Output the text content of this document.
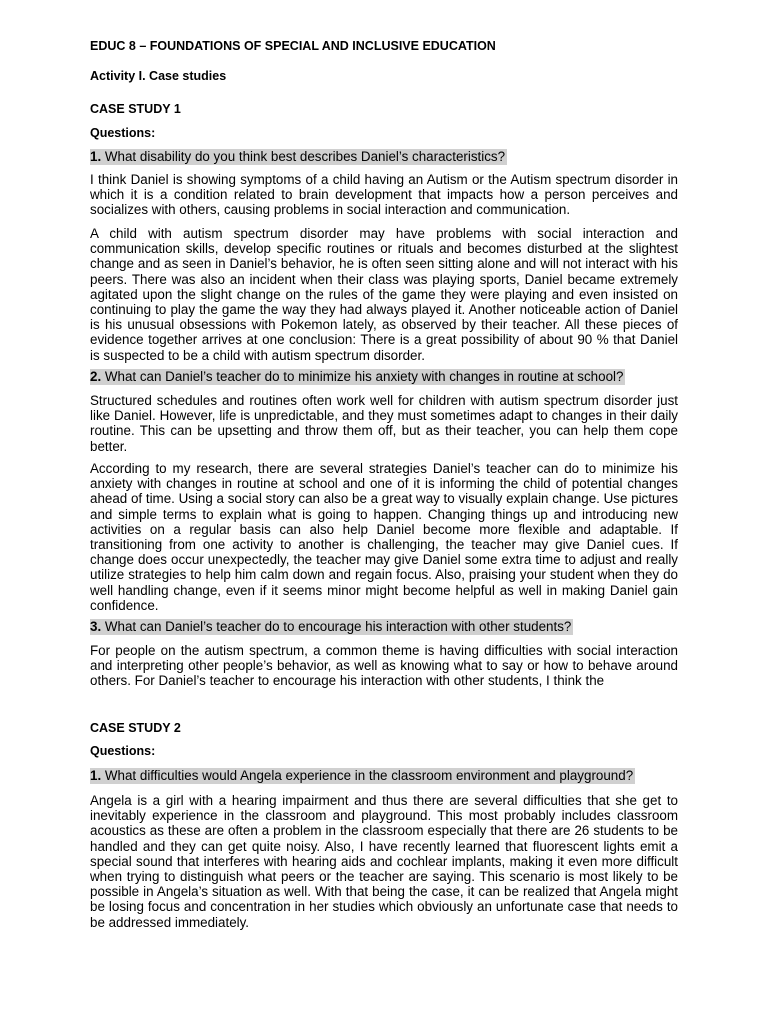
EDUC 8 – FOUNDATIONS OF SPECIAL AND INCLUSIVE EDUCATION
Activity I. Case studies
CASE STUDY 1
Questions:
1. What disability do you think best describes Daniel’s characteristics?

I think Daniel is showing symptoms of a child having an Autism or the Autism spectrum disorder in which it is a condition related to brain development that impacts how a person perceives and socializes with others, causing problems in social interaction and communication.

A child with autism spectrum disorder may have problems with social interaction and communication skills, develop specific routines or rituals and becomes disturbed at the slightest change and as seen in Daniel’s behavior, he is often seen sitting alone and will not interact with his peers. There was also an incident when their class was playing sports, Daniel became extremely agitated upon the slight change on the rules of the game they were playing and even insisted on continuing to play the game the way they had always played it. Another noticeable action of Daniel is his unusual obsessions with Pokemon lately, as observed by their teacher. All these pieces of evidence together arrives at one conclusion: There is a great possibility of about 90 % that Daniel is suspected to be a child with autism spectrum disorder.

2. What can Daniel’s teacher do to minimize his anxiety with changes in routine at school?

Structured schedules and routines often work well for children with autism spectrum disorder just like Daniel. However, life is unpredictable, and they must sometimes adapt to changes in their daily routine. This can be upsetting and throw them off, but as their teacher, you can help them cope better.

According to my research, there are several strategies Daniel’s teacher can do to minimize his anxiety with changes in routine at school and one of it is informing the child of potential changes ahead of time. Using a social story can also be a great way to visually explain change. Use pictures and simple terms to explain what is going to happen. Changing things up and introducing new activities on a regular basis can also help Daniel become more flexible and adaptable. If transitioning from one activity to another is challenging, the teacher may give Daniel cues. If change does occur unexpectedly, the teacher may give Daniel some extra time to adjust and really utilize strategies to help him calm down and regain focus. Also, praising your student when they do well handling change, even if it seems minor might become helpful as well in making Daniel gain confidence.

3. What can Daniel’s teacher do to encourage his interaction with other students?

For people on the autism spectrum, a common theme is having difficulties with social interaction and interpreting other people’s behavior, as well as knowing what to say or how to behave around others. For Daniel’s teacher to encourage his interaction with other students, I think the

CASE STUDY 2
Questions:
1. What difficulties would Angela experience in the classroom environment and playground?

Angela is a girl with a hearing impairment and thus there are several difficulties that she get to inevitably experience in the classroom and playground. This most probably includes classroom acoustics as these are often a problem in the classroom especially that there are 26 students to be handled and they can get quite noisy. Also, I have recently learned that fluorescent lights emit a special sound that interferes with hearing aids and cochlear implants, making it even more difficult when trying to distinguish what peers or the teacher are saying. This scenario is most likely to be possible in Angela’s situation as well. With that being the case, it can be realized that Angela might be losing focus and concentration in her studies which obviously an unfortunate case that needs to be addressed immediately.
